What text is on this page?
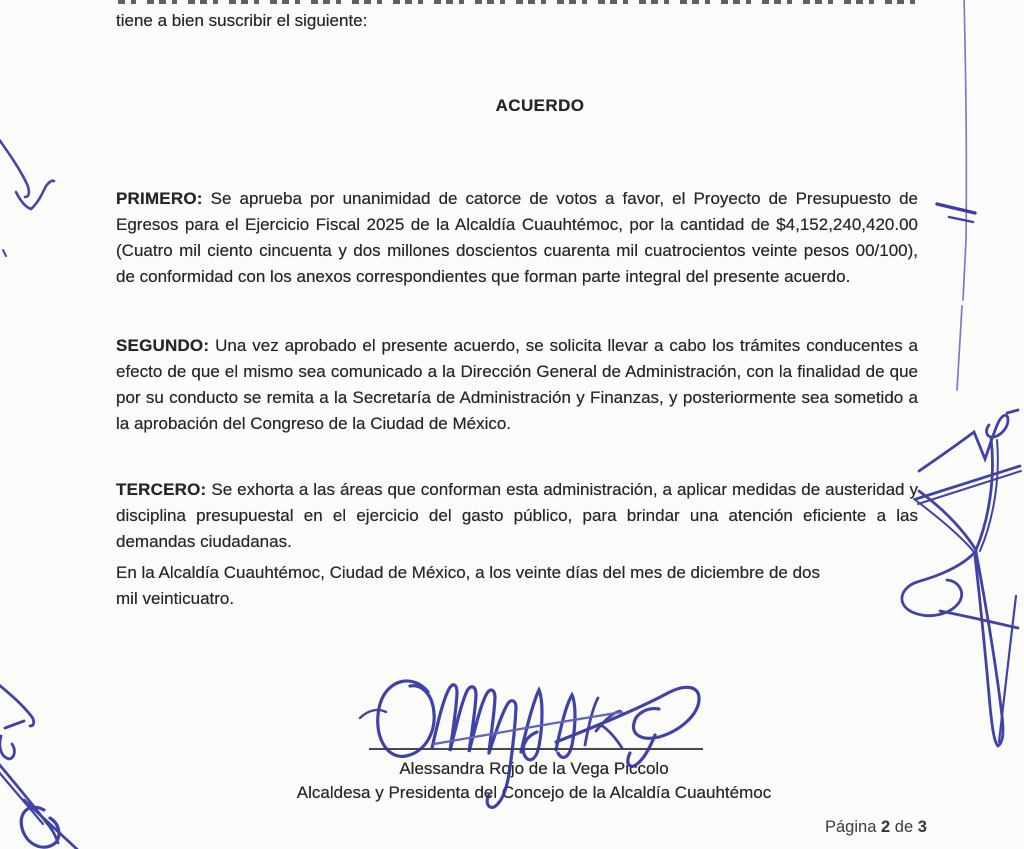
tiene a bien suscribir el siguiente:
ACUERDO
PRIMERO: Se aprueba por unanimidad de catorce de votos a favor, el Proyecto de Presupuesto de Egresos para el Ejercicio Fiscal 2025 de la Alcaldía Cuauhtémoc, por la cantidad de $4,152,240,420.00 (Cuatro mil ciento cincuenta y dos millones doscientos cuarenta mil cuatrocientos veinte pesos 00/100), de conformidad con los anexos correspondientes que forman parte integral del presente acuerdo.
SEGUNDO: Una vez aprobado el presente acuerdo, se solicita llevar a cabo los trámites conducentes a efecto de que el mismo sea comunicado a la Dirección General de Administración, con la finalidad de que por su conducto se remita a la Secretaría de Administración y Finanzas, y posteriormente sea sometido a la aprobación del Congreso de la Ciudad de México.
TERCERO: Se exhorta a las áreas que conforman esta administración, a aplicar medidas de austeridad y disciplina presupuestal en el ejercicio del gasto público, para brindar una atención eficiente a las demandas ciudadanas.
En la Alcaldía Cuauhtémoc, Ciudad de México, a los veinte días del mes de diciembre de dos mil veinticuatro.
Alessandra Rojo de la Vega Piccolo
Alcaldesa y Presidenta del Concejo de la Alcaldía Cuauhtémoc
Página 2 de 3
